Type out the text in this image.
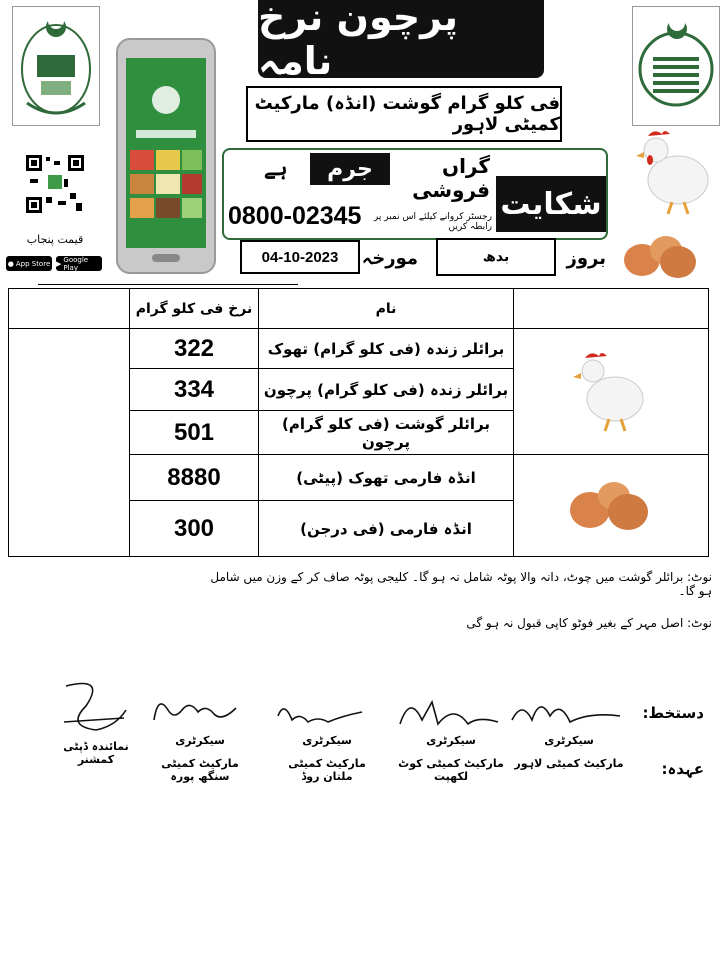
قیمت پنجاب
● App Store ▶ Google Play
پرچون نرخ نامہ
فی کلو گرام گوشت (انڈہ) مارکیٹ کمیٹی لاہور
شکایت
گراں فروشی
جرم
ہے
رجسٹر کروانے کیلئے اس نمبر پر رابطہ کریں
0800-02345
04-10-2023	مورخہ	بدھ	بروز
	نرخ فی کلو گرام	نام	
	322	برائلر زندہ (فی کلو گرام) تھوک	
	334	برائلر زندہ (فی کلو گرام) پرچون	
	501	برائلر گوشت (فی کلو گرام) پرچون	
	8880	انڈہ فارمی تھوک (پیٹی)	
	300	انڈہ فارمی (فی درجن)	
نوٹ: برائلر گوشت میں چوٹ، دانہ والا پوٹہ شامل نہ ہو گا۔ کلیجی پوٹہ صاف کر کے وزن میں شامل ہو گا۔
نوٹ: اصل مہر کے بغیر فوٹو کاپی قبول نہ ہو گی
دستخط:
عہدہ:
سیکرٹری
مارکیٹ کمیٹی لاہور
سیکرٹری
مارکیٹ کمیٹی کوٹ لکھپت
سیکرٹری
مارکیٹ کمیٹی ملتان روڈ
سیکرٹری
مارکیٹ کمیٹی سنگھ پورہ
نمائندہ ڈپٹی کمشنر
